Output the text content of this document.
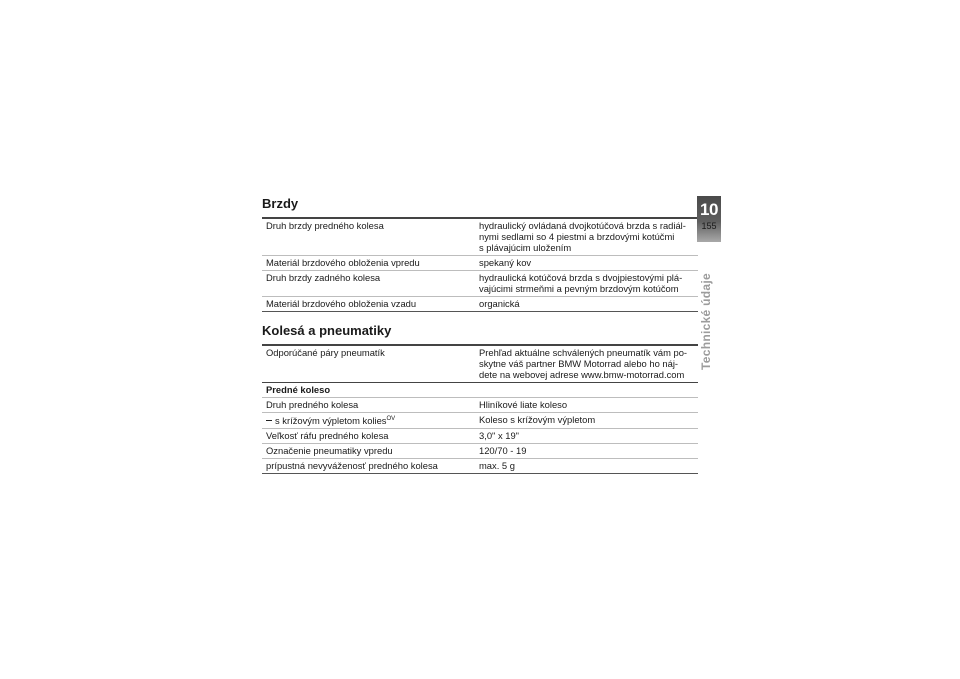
Brzdy
Druh brzdy predného kolesa	hydraulický ovládaná dvojkotúčová brzda s radiál-
nymi sedlami so 4 piestmi a brzdovými kotúčmi
s plávajúcim uložením
Materiál brzdového obloženia vpredu	spekaný kov
Druh brzdy zadného kolesa	hydraulická kotúčová brzda s dvojpiestovými plá-
vajúcimi strmeňmi a pevným brzdovým kotúčom
Materiál brzdového obloženia vzadu	organická
Kolesá a pneumatiky
Odporúčané páry pneumatík	Prehľad aktuálne schválených pneumatík vám po-
skytne váš partner BMW Motorrad alebo ho náj-
dete na webovej adrese www.bmw-motorrad.com
Predné koleso	
Druh predného kolesa	Hliníkové liate koleso
s krížovým výpletom kolies$^{OV}$	Koleso s krížovým výpletom
Veľkosť ráfu predného kolesa	3,0" x 19"
Označenie pneumatiky vpredu	120/70 - 19
prípustná nevyváženosť predného kolesa	max. 5 g
10
155
Technické údaje
